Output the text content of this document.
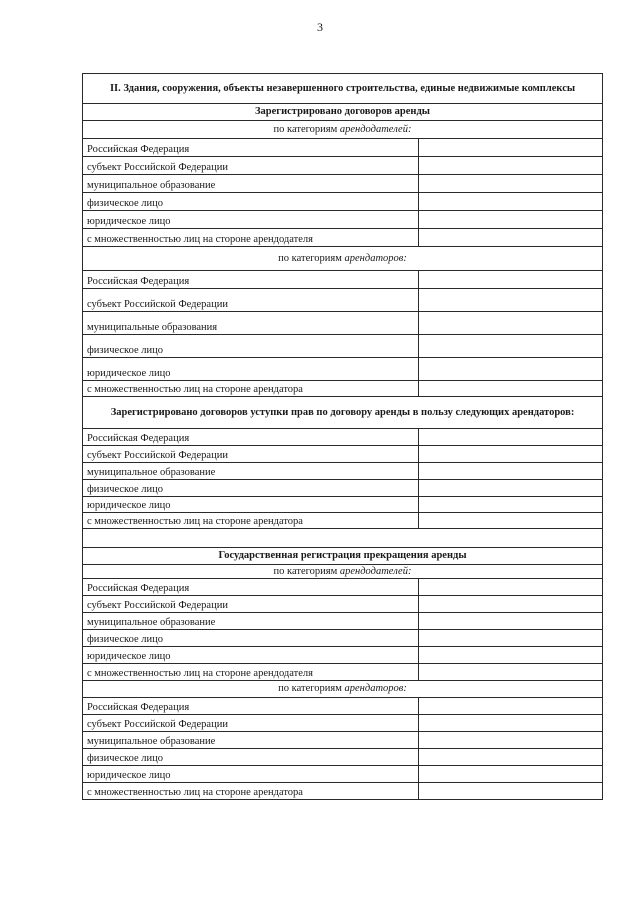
3
II. Здания, сооружения, объекты незавершенного строительства, единые недвижимые комплексы	
Зарегистрировано договоров аренды	
по категориям арендодателей:	
Российская Федерация	
субъект Российской Федерации	
муниципальное образование	
физическое лицо	
юридическое лицо	
с множественностью лиц на стороне арендодателя	
по категориям арендаторов:	
Российская Федерация	
субъект Российской Федерации	
муниципальные образования	
физическое лицо	
юридическое лицо	
с множественностью лиц на стороне арендатора	
Зарегистрировано договоров уступки прав по договору аренды в пользу следующих арендаторов:	
Российская Федерация	
субъект Российской Федерации	
муниципальное образование	
физическое лицо	
юридическое лицо	
с множественностью лиц на стороне арендатора	

Государственная регистрация прекращения аренды	
по категориям арендодателей:	
Российская Федерация	
субъект Российской Федерации	
муниципальное образование	
физическое лицо	
юридическое лицо	
с множественностью лиц на стороне арендодателя	
по категориям арендаторов:	
Российская Федерация	
субъект Российской Федерации	
муниципальное образование	
физическое лицо	
юридическое лицо	
с множественностью лиц на стороне арендатора	
